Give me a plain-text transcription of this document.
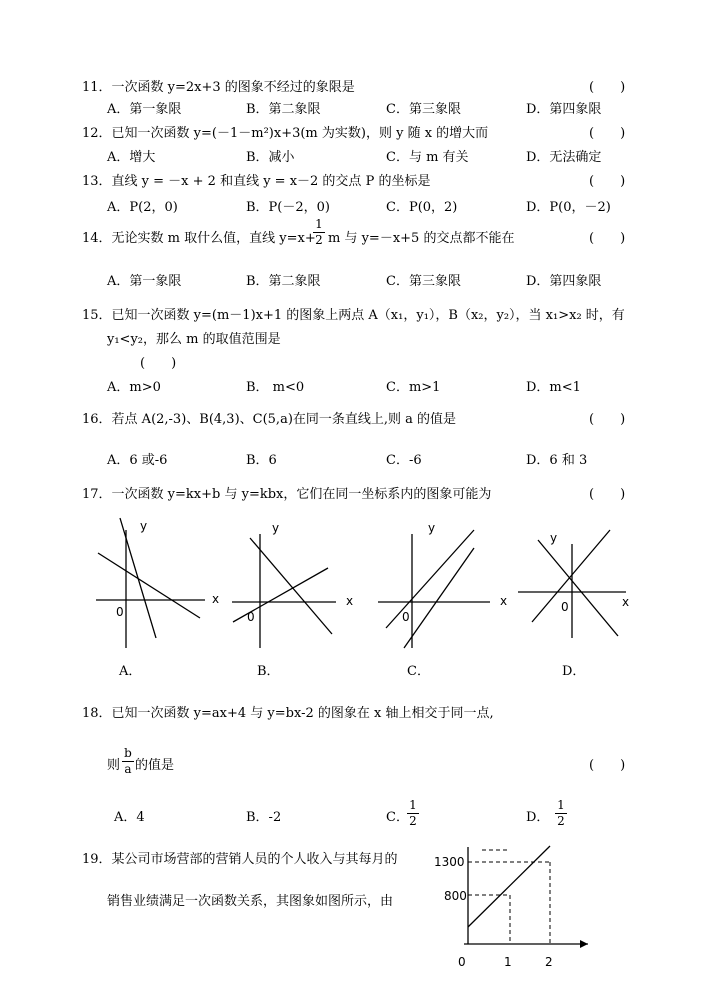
11．一次函数 y=2x+3 的图象不经过的象限是	(　　)
A．第一象限	B．第二象限	C．第三象限	D．第四象限
12．已知一次函数 y=(－1－m²)x+3(m 为实数)，则 y 随 x 的增大而	(　　)
A．增大	B．减小	C．与 m 有关	D．无法确定
13．直线 y = －x + 2 和直线 y = x－2 的交点 P 的坐标是	(　　)
A．P(2，0)	B．P(－2，0)	C．P(0，2)	D．P(0，－2)
14．无论实数 m 取什么值，直线 y=x+
1
2 m 与 y=－x+5 的交点都不能在	(　　)
A．第一象限	B．第二象限	C．第三象限	D．第四象限
15．已知一次函数 y=(m－1)x+1 的图象上两点 A（x₁，y₁），B（x₂，y₂），当 x₁>x₂ 时，有
y₁<y₂，那么 m 的取值范围是
(　　)
A．m>0	B． m<0	C．m>1	D．m<1
16．若点 A(2,-3)、B(4,3)、C(5,a)在同一条直线上,则 a 的值是	(　　)
A．6 或-6	B．6	C．-6	D．6 和 3
17．一次函数 y=kx+b 与 y=kbx，它们在同一坐标系内的图象可能为	(　　)
y
x
0
A．
y
x
0
B．
y
x
0
C．
y
x
0
D．
18．已知一次函数 y=ax+4 与 y=bx-2 的图象在 x 轴上相交于同一点,
则
b
a 的值是	(　　)
A．4	B．-2	C．
1
2	D．
1
2
19．某公司市场营部的营销人员的个人收入与其每月的
销售业绩满足一次函数关系，其图象如图所示，由
1300
800
0	1	2
